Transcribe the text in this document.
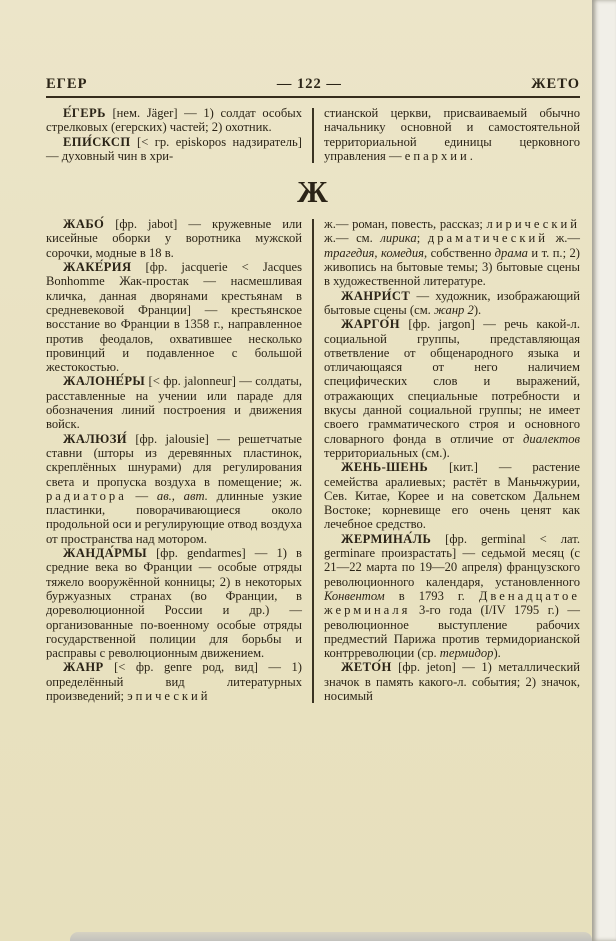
ЕГЕР	— 122 —	ЖЕТО

Е́ГЕРЬ [нем. Jäger] — 1) солдат особых стрелковых (егерских) частей; 2) охотник.

ЕПИ́СКСП [< гр. episkopos надзиратель] — духовный чин в хри-

стианской церкви, присваиваемый обычно начальнику основной и самостоятельной территориальной единицы церковного управления — епархии.

Ж

ЖАБО́ [фр. jabot] — кружевные или кисейные оборки у воротника мужской сорочки, модные в 18 в.

ЖАКЕ́РИЯ [фр. jacquerie < Jacques Bonhomme Жак-простак — насмешливая кличка, данная дворянами крестьянам в средневековой Франции] — крестьянское восстание во Франции в 1358 г., направленное против феодалов, охватившее несколько провинций и подавленное с большой жестокостью.

ЖАЛОНЕ́РЫ [< фр. jalonneur] — солдаты, расставленные на учении или параде для обозначения линий построения и движения войск.

ЖАЛЮЗИ́ [фр. jalousie] — решетчатые ставни (шторы из деревянных пластинок, скреплённых шнурами) для регулирования света и пропуска воздуха в помещение; ж. радиатора — ав., авт. длинные узкие пластинки, поворачивающиеся около продольной оси и регулирующие отвод воздуха от пространства над мотором.

ЖАНДА́РМЫ [фр. gendarmes] — 1) в средние века во Франции — особые отряды тяжело вооружённой конницы; 2) в некоторых буржуазных странах (во Франции, в дореволюционной России и др.) — организованные по-военному особые отряды государственной полиции для борьбы и расправы с революционным движением.

ЖАНР [< фр. genre род, вид] — 1) определённый вид литературных произведений; эпический

ж.— роман, повесть, рассказ; лирический ж.— см. лирика; драматический ж.— трагедия, комедия, собственно драма и т. п.; 2) живопись на бытовые темы; 3) бытовые сцены в художественной литературе.

ЖАНРИ́СТ — художник, изображающий бытовые сцены (см. жанр 2).

ЖАРГО́Н [фр. jargon] — речь какой-л. социальной группы, представляющая ответвление от общенародного языка и отличающаяся от него наличием специфических слов и выражений, отражающих специальные потребности и вкусы данной социальной группы; не имеет своего грамматического строя и основного словарного фонда в отличие от диалектов территориальных (см.).

ЖЕНЬ-ШЕНЬ [кит.] — растение семейства аралиевых; растёт в Маньчжурии, Сев. Китае, Корее и на советском Дальнем Востоке; корневище его очень ценят как лечебное средство.

ЖЕРМИНА́ЛЬ [фр. germinal < лат. germinare произрастать] — седьмой месяц (с 21—22 марта по 19—20 апреля) французского революционного календаря, установленного Конвентом в 1793 г. Двенадцатое жерминаля 3-го года (I/IV 1795 г.) — революционное выступление рабочих предместий Парижа против термидорианской контрреволюции (ср. термидор).

ЖЕТО́Н [фр. jeton] — 1) металлический значок в память какого-л. события; 2) значок, носимый
